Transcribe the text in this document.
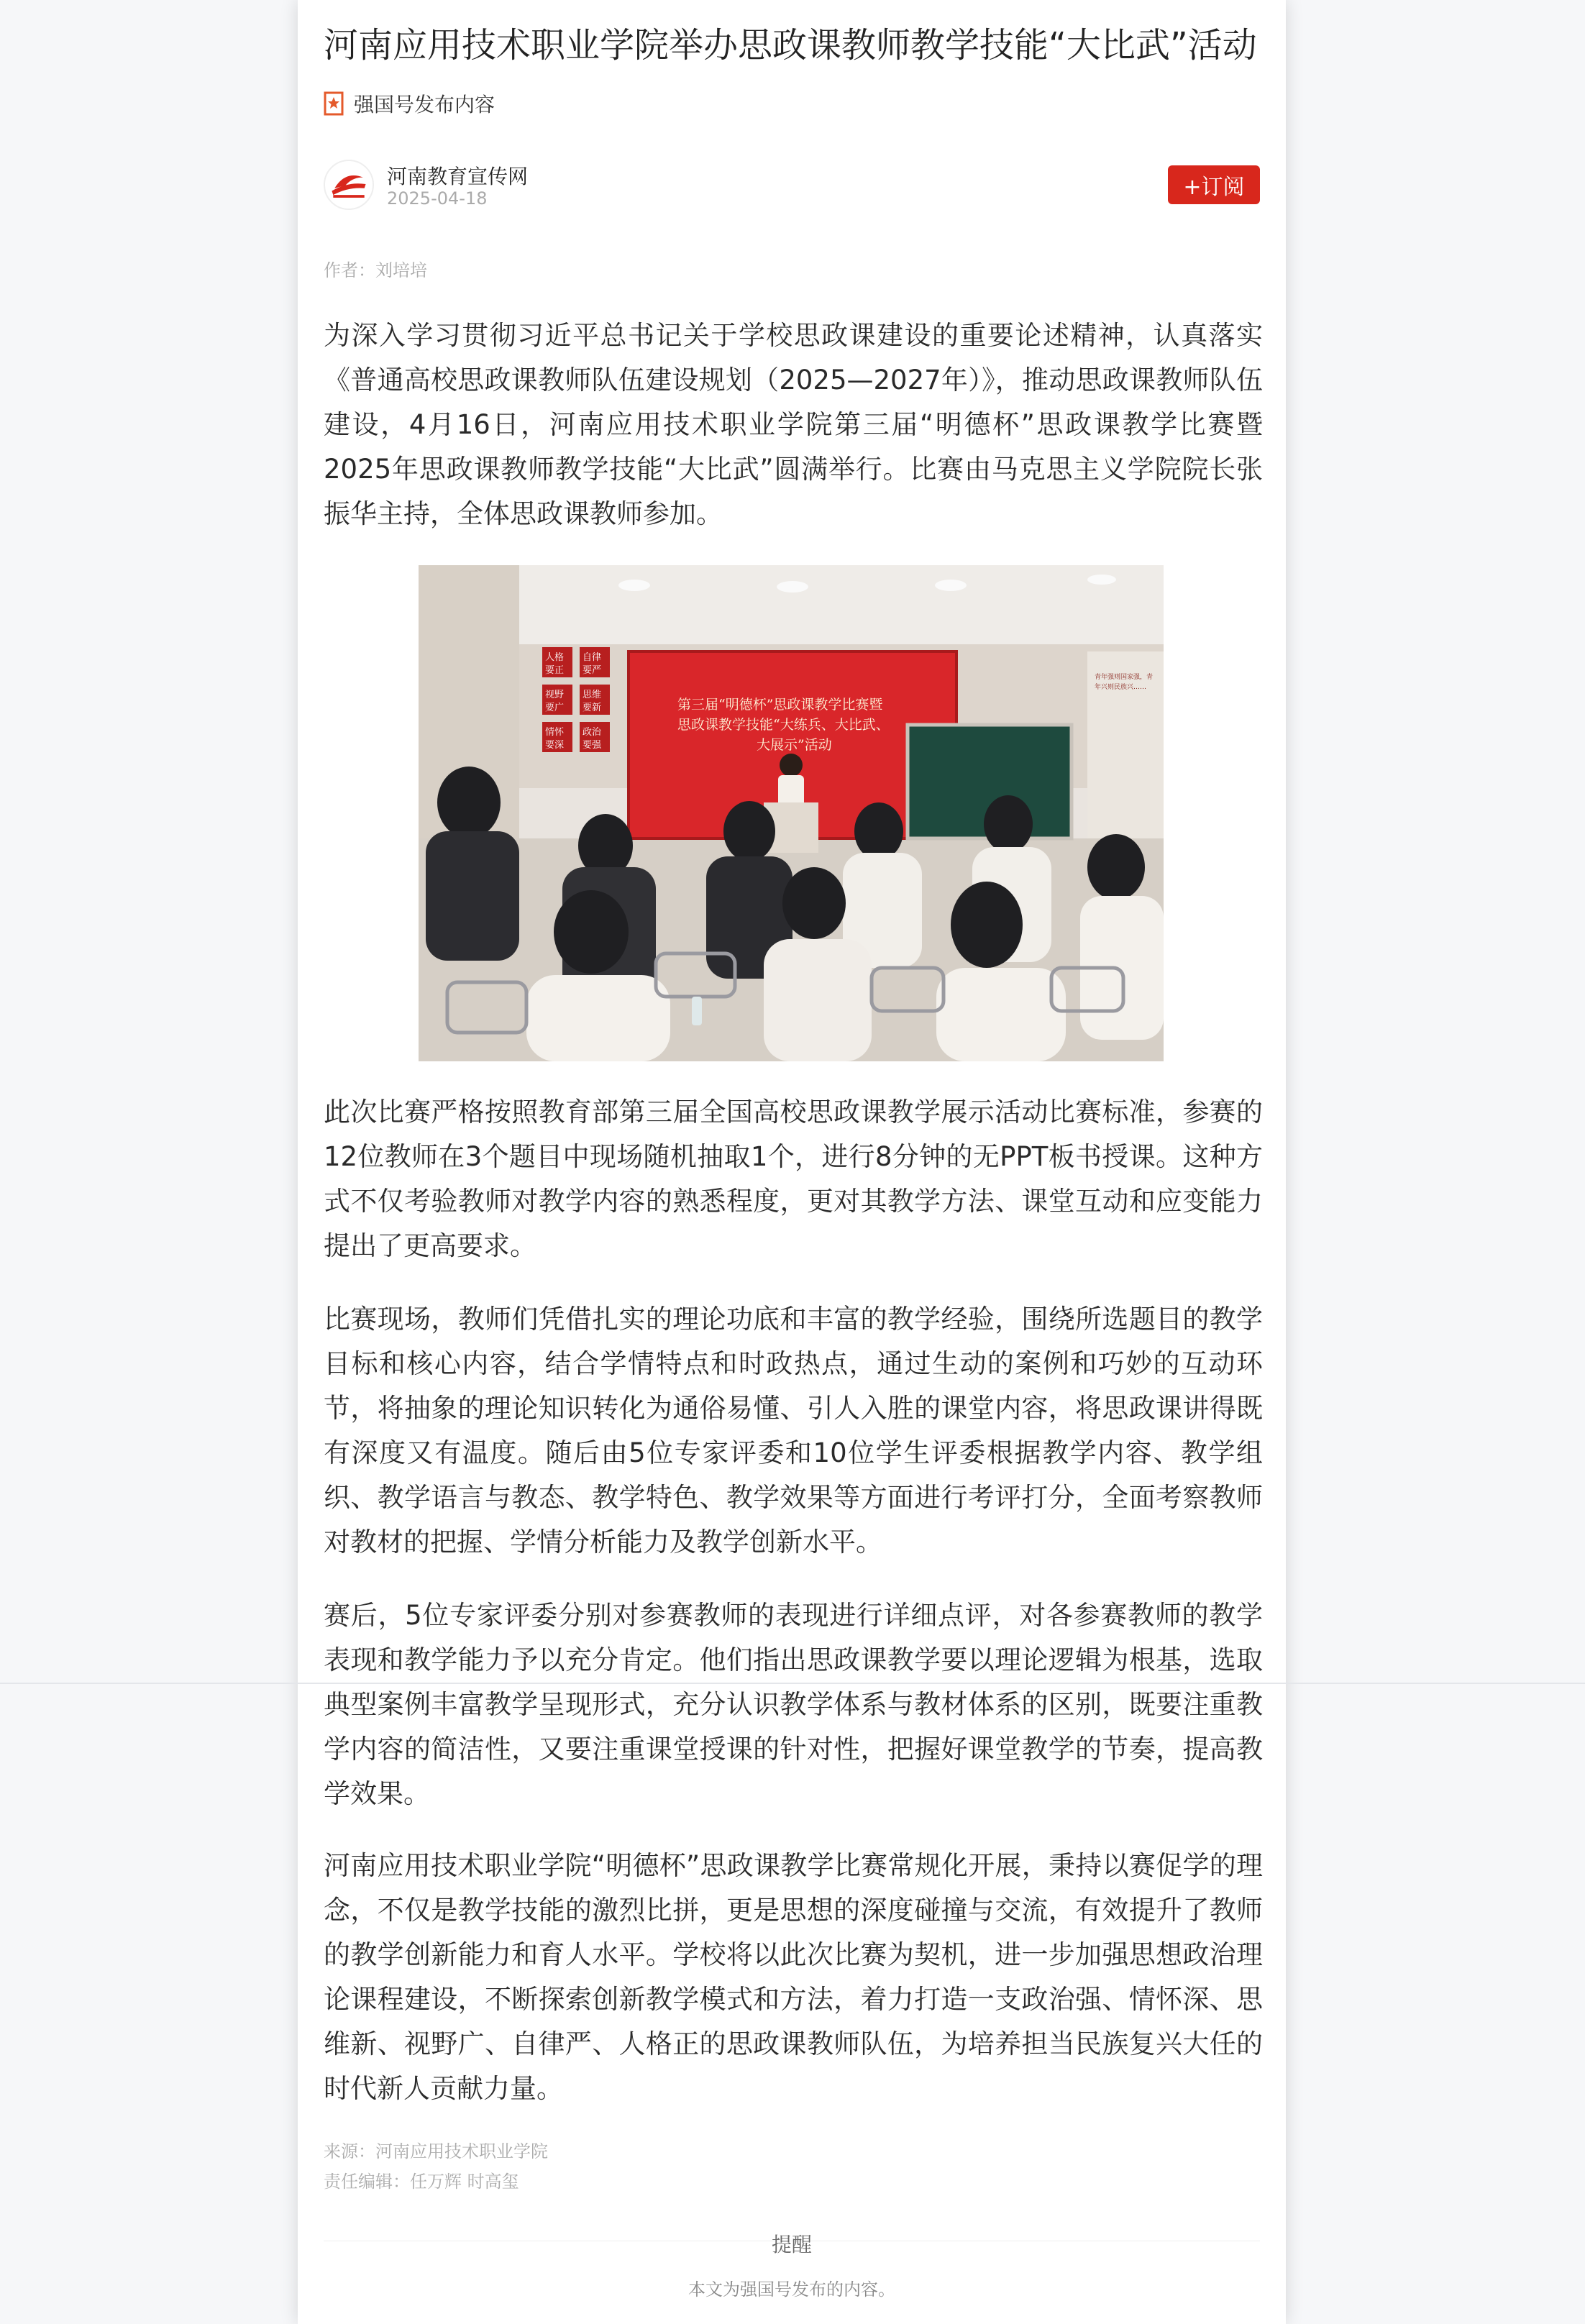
河南应用技术职业学院举办思政课教师教学技能“大比武”活动
强国号发布内容
河南教育宣传网
2025-04-18	+订阅
作者：刘培培

为深入学习贯彻习近平总书记关于学校思政课建设的重要论述精神，认真落实《普通高校思政课教师队伍建设规划（2025—2027年）》，推动思政课教师队伍建设，4月16日，河南应用技术职业学院第三届“明德杯”思政课教学比赛暨2025年思政课教师教学技能“大比武”圆满举行。比赛由马克思主义学院院长张振华主持，全体思政课教师参加。

第三届“明德杯”思政课教学比赛暨
思政课教学技能“大练兵、大比武、
大展示”活动
青年强则国家强，青
年兴则民族兴……
人格
要正
自律
要严
视野
要广
思维
要新
情怀
要深
政治
要强

此次比赛严格按照教育部第三届全国高校思政课教学展示活动比赛标准，参赛的12位教师在3个题目中现场随机抽取1个，进行8分钟的无PPT板书授课。这种方式不仅考验教师对教学内容的熟悉程度，更对其教学方法、课堂互动和应变能力提出了更高要求。

比赛现场，教师们凭借扎实的理论功底和丰富的教学经验，围绕所选题目的教学目标和核心内容，结合学情特点和时政热点，通过生动的案例和巧妙的互动环节，将抽象的理论知识转化为通俗易懂、引人入胜的课堂内容，将思政课讲得既有深度又有温度。随后由5位专家评委和10位学生评委根据教学内容、教学组织、教学语言与教态、教学特色、教学效果等方面进行考评打分，全面考察教师对教材的把握、学情分析能力及教学创新水平。

赛后，5位专家评委分别对参赛教师的表现进行详细点评，对各参赛教师的教学表现和教学能力予以充分肯定。他们指出思政课教学要以理论逻辑为根基，选取典型案例丰富教学呈现形式，充分认识教学体系与教材体系的区别，既要注重教学内容的简洁性，又要注重课堂授课的针对性，把握好课堂教学的节奏，提高教学效果。

河南应用技术职业学院“明德杯”思政课教学比赛常规化开展，秉持以赛促学的理念，不仅是教学技能的激烈比拼，更是思想的深度碰撞与交流，有效提升了教师的教学创新能力和育人水平。学校将以此次比赛为契机，进一步加强思想政治理论课程建设，不断探索创新教学模式和方法，着力打造一支政治强、情怀深、思维新、视野广、自律严、人格正的思政课教师队伍，为培养担当民族复兴大任的时代新人贡献力量。

来源：河南应用技术职业学院
责任编辑：任万辉 时高玺
提醒
本文为强国号发布的内容。
